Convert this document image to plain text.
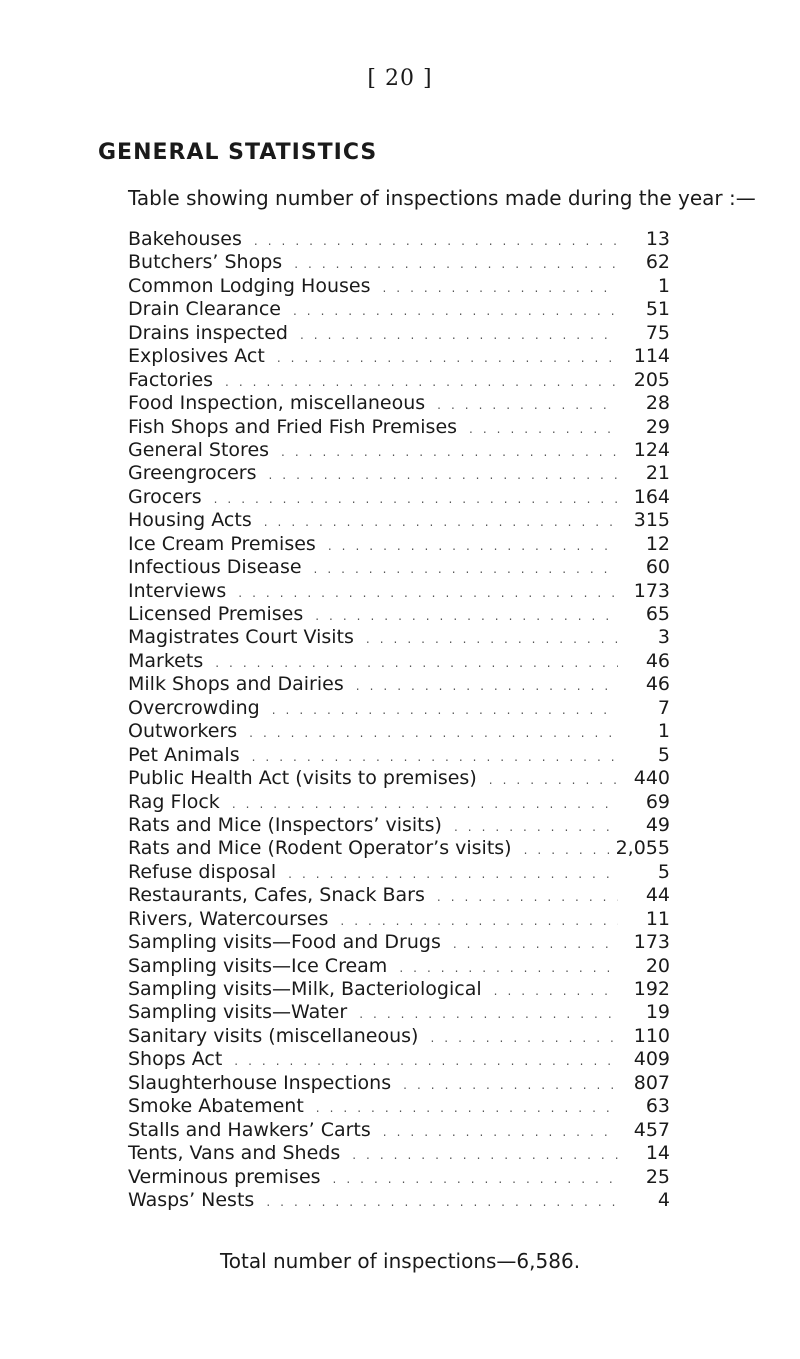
[ 20 ]
GENERAL STATISTICS
Table showing number of inspections made during the year :—
Bakehouses .....	13
Butchers’ Shops .....	62
Common Lodging Houses .....	1
Drain Clearance .....	51
Drains inspected .....	75
Explosives Act .....	114
Factories .....	205
Food Inspection, miscellaneous .....	28
Fish Shops and Fried Fish Premises .....	29
General Stores .....	124
Greengrocers .....	21
Grocers .....	164
Housing Acts .....	315
Ice Cream Premises .....	12
Infectious Disease .....	60
Interviews .....	173
Licensed Premises .....	65
Magistrates Court Visits .....	3
Markets .....	46
Milk Shops and Dairies .....	46
Overcrowding .....	7
Outworkers .....	1
Pet Animals .....	5
Public Health Act (visits to premises) .....	440
Rag Flock .....	69
Rats and Mice (Inspectors’ visits) .....	49
Rats and Mice (Rodent Operator’s visits) .....	2,055
Refuse disposal .....	5
Restaurants, Cafes, Snack Bars .....	44
Rivers, Watercourses .....	11
Sampling visits—Food and Drugs .....	173
Sampling visits—Ice Cream .....	20
Sampling visits—Milk, Bacteriological .....	192
Sampling visits—Water .....	19
Sanitary visits (miscellaneous) .....	110
Shops Act .....	409
Slaughterhouse Inspections .....	807
Smoke Abatement .....	63
Stalls and Hawkers’ Carts .....	457
Tents, Vans and Sheds .....	14
Verminous premises .....	25
Wasps’ Nests .....	4
Total number of inspections—6,586.
